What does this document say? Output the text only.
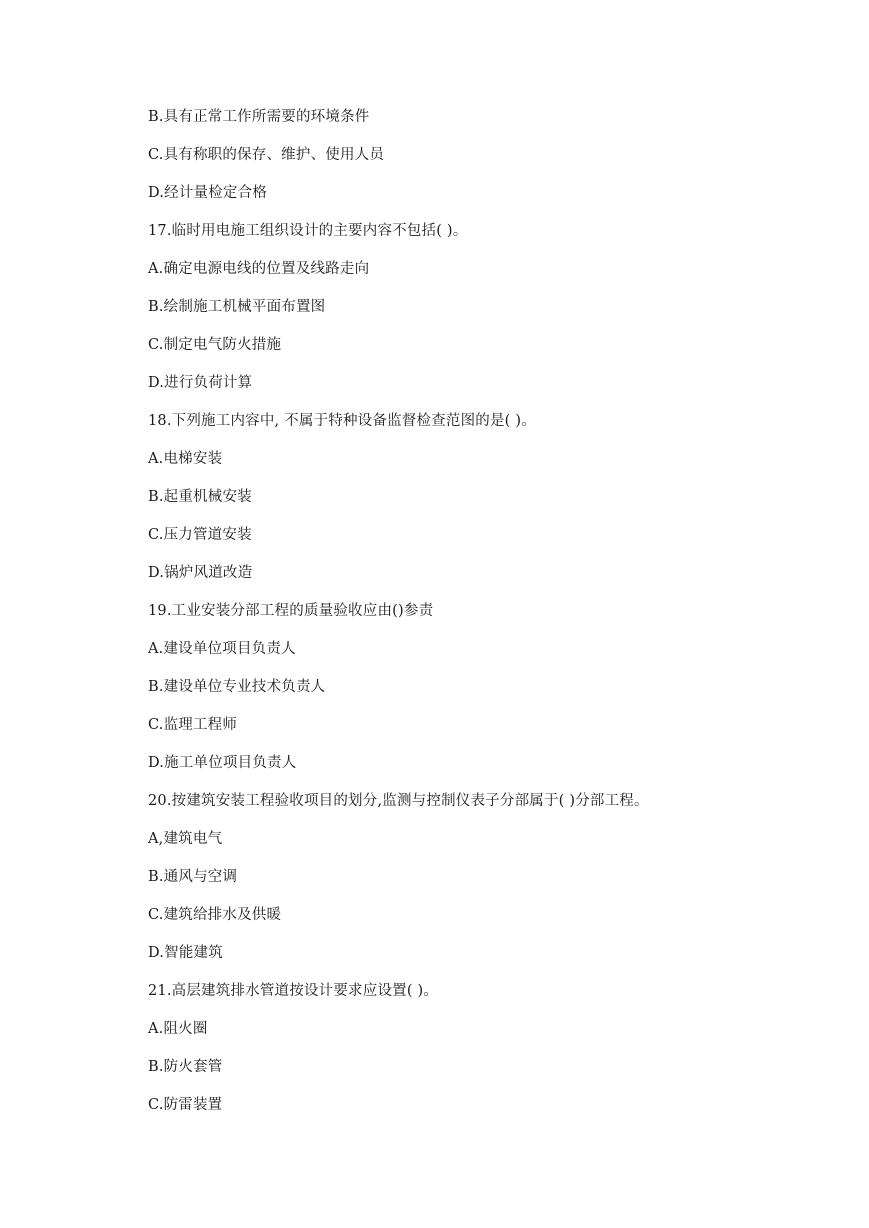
B.具有正常工作所需要的环境条件
C.具有称职的保存、维护、使用人员
D.经计量检定合格
17.临时用电施工组织设计的主要内容不包括( )。
A.确定电源电线的位置及线路走向
B.绘制施工机械平面布置图
C.制定电气防火措施
D.进行负荷计算
18.下列施工内容中, 不属于特种设备监督检查范图的是( )。
A.电梯安装
B.起重机械安装
C.压力管道安装
D.锅炉风道改造
19.工业安装分部工程的质量验收应由()参责
A.建设单位项目负责人
B.建设单位专业技术负责人
C.监理工程师
D.施工单位项目负责人
20.按建筑安装工程验收项目的划分,监测与控制仪表子分部属于( )分部工程。
A,建筑电气
B.通风与空调
C.建筑给排水及供暖
D.智能建筑
21.高层建筑排水管道按设计要求应设置( )。
A.阻火圈
B.防火套管
C.防雷装置
